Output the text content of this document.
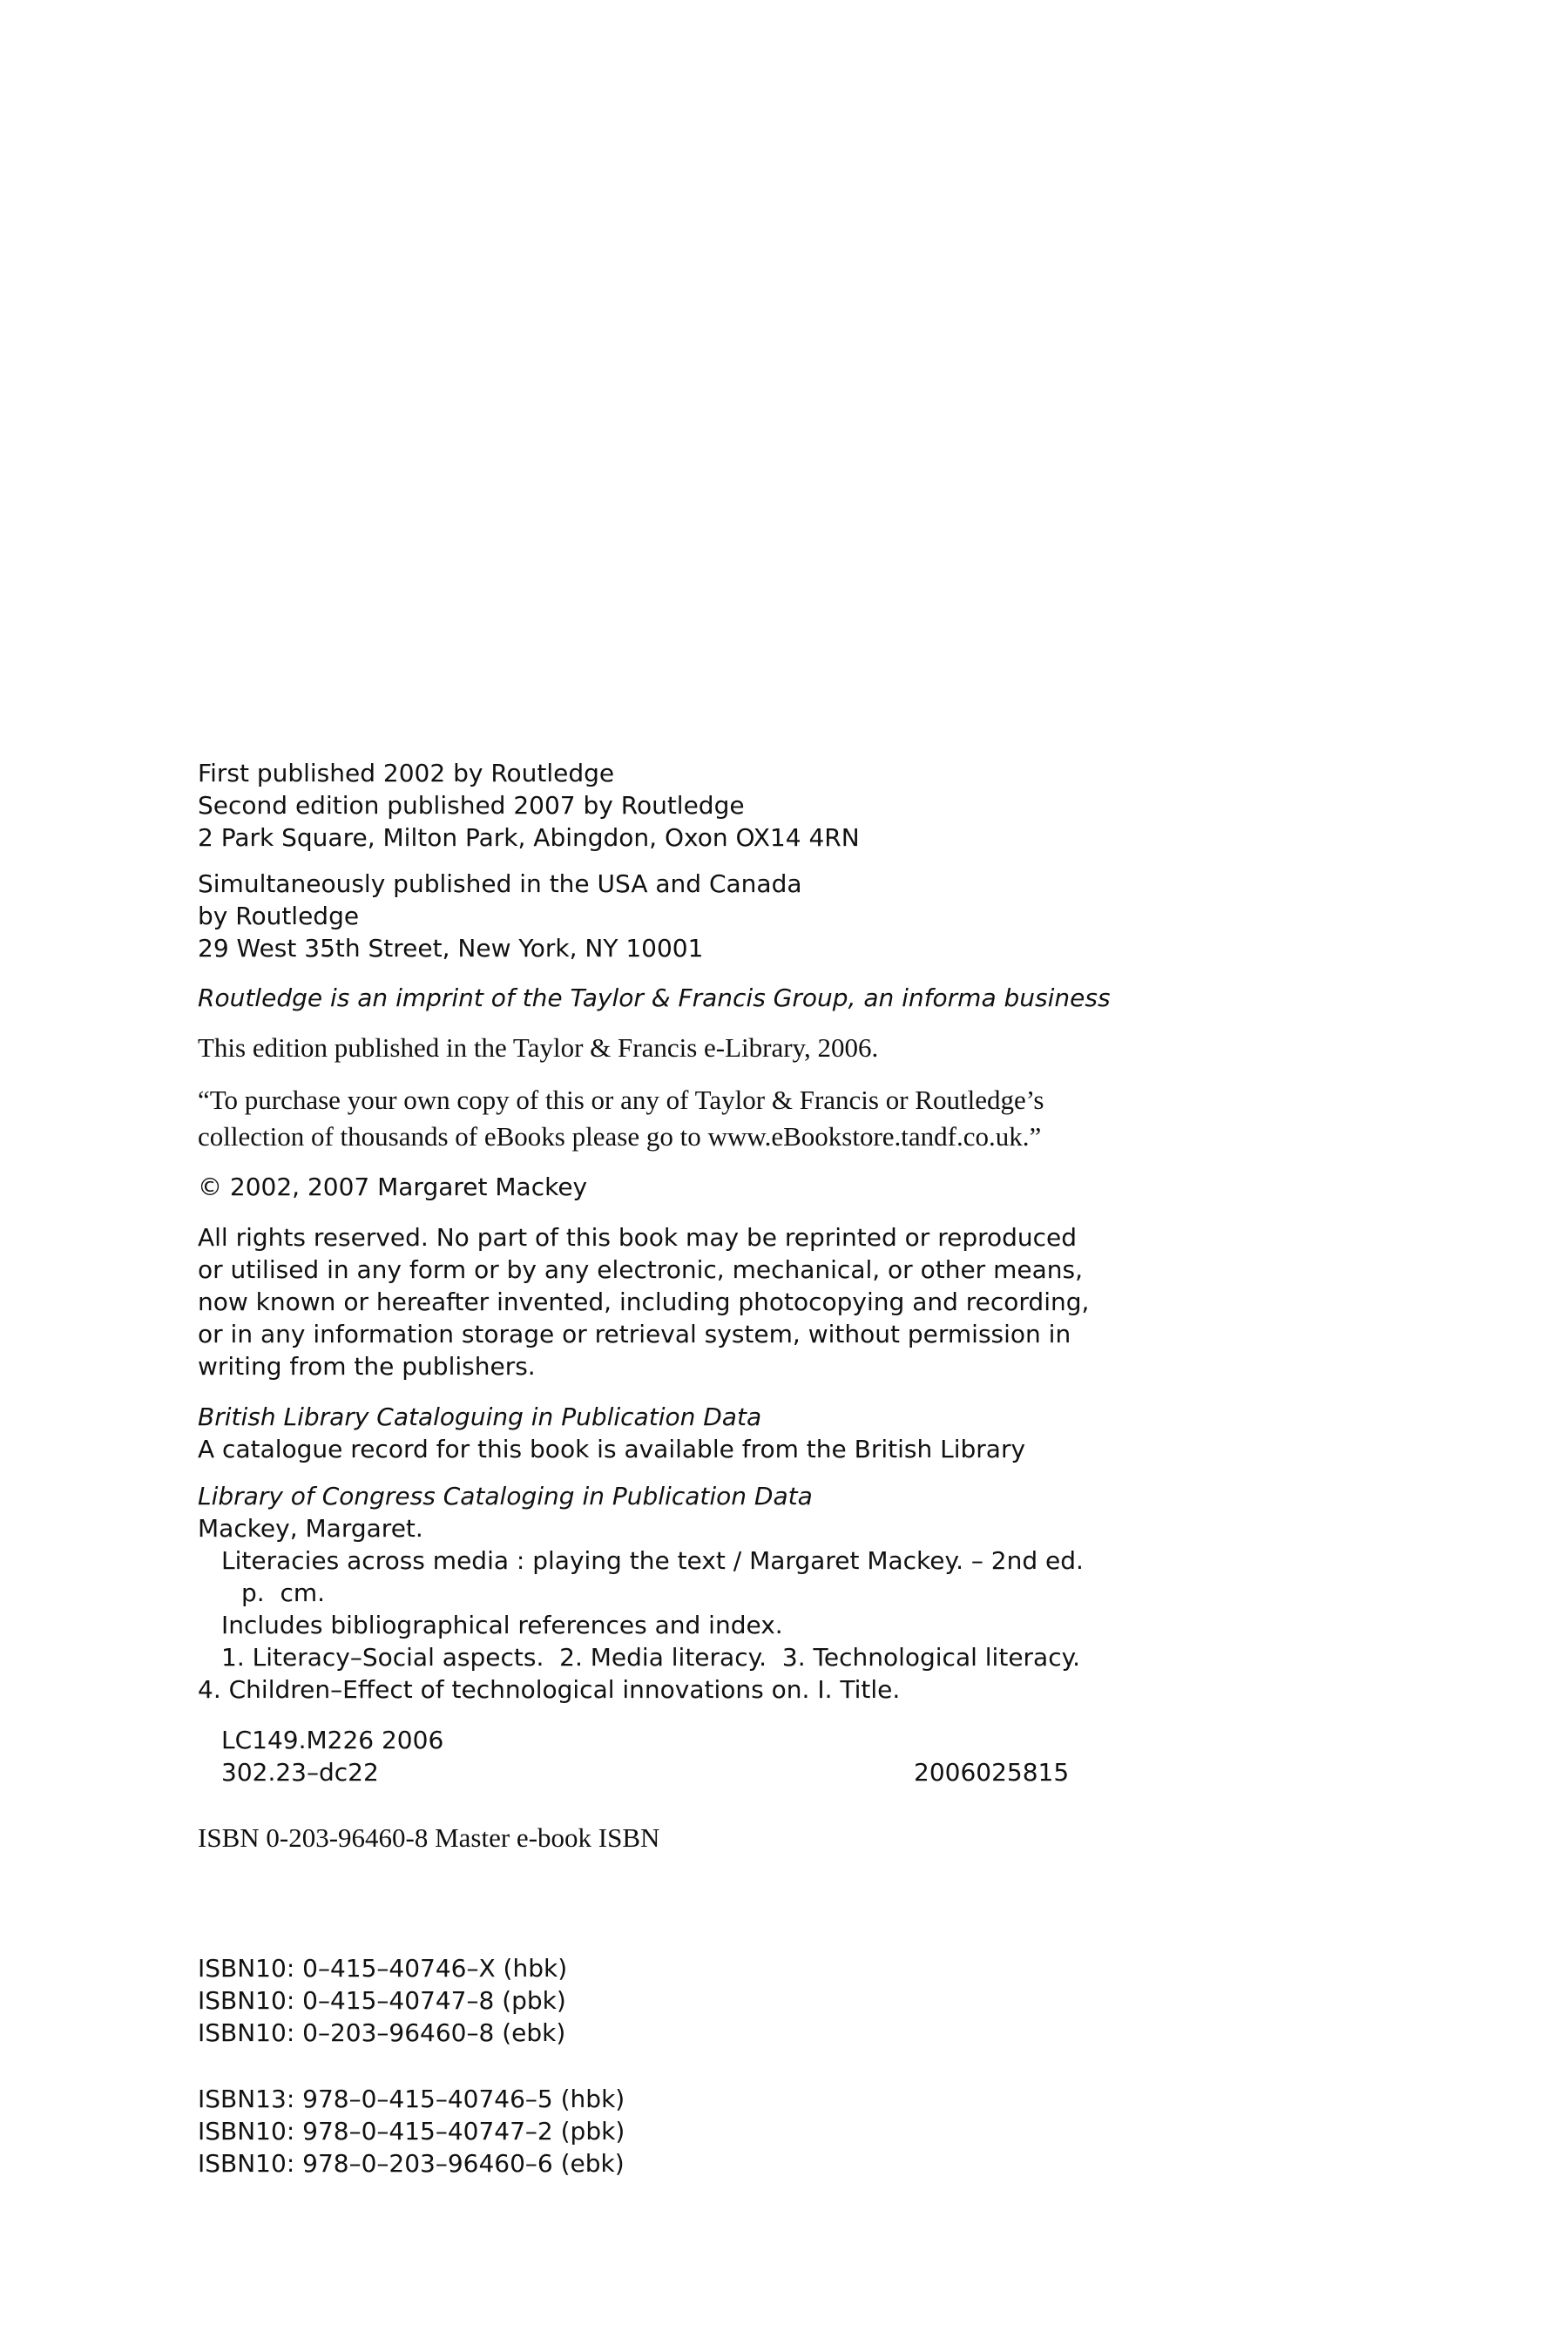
First published 2002 by Routledge
Second edition published 2007 by Routledge
2 Park Square, Milton Park, Abingdon, Oxon OX14 4RN
Simultaneously published in the USA and Canada
by Routledge
29 West 35th Street, New York, NY 10001
Routledge is an imprint of the Taylor & Francis Group, an informa business
This edition published in the Taylor & Francis e-Library, 2006.
“To purchase your own copy of this or any of Taylor & Francis or Routledge’s
collection of thousands of eBooks please go to www.eBookstore.tandf.co.uk.”
© 2002, 2007 Margaret Mackey
All rights reserved. No part of this book may be reprinted or reproduced
or utilised in any form or by any electronic, mechanical, or other means,
now known or hereafter invented, including photocopying and recording,
or in any information storage or retrieval system, without permission in
writing from the publishers.
British Library Cataloguing in Publication Data
A catalogue record for this book is available from the British Library
Library of Congress Cataloging in Publication Data
Mackey, Margaret.
Literacies across media : playing the text / Margaret Mackey. – 2nd ed.
p.  cm.
Includes bibliographical references and index.
1. Literacy–Social aspects.  2. Media literacy.  3. Technological literacy.
4. Children–Effect of technological innovations on. I. Title.
LC149.M226 2006
302.23–dc22	2006025815
ISBN 0-203-96460-8 Master e-book ISBN
ISBN10: 0–415–40746–X (hbk)
ISBN10: 0–415–40747–8 (pbk)
ISBN10: 0–203–96460–8 (ebk)
ISBN13: 978–0–415–40746–5 (hbk)
ISBN10: 978–0–415–40747–2 (pbk)
ISBN10: 978–0–203–96460–6 (ebk)
